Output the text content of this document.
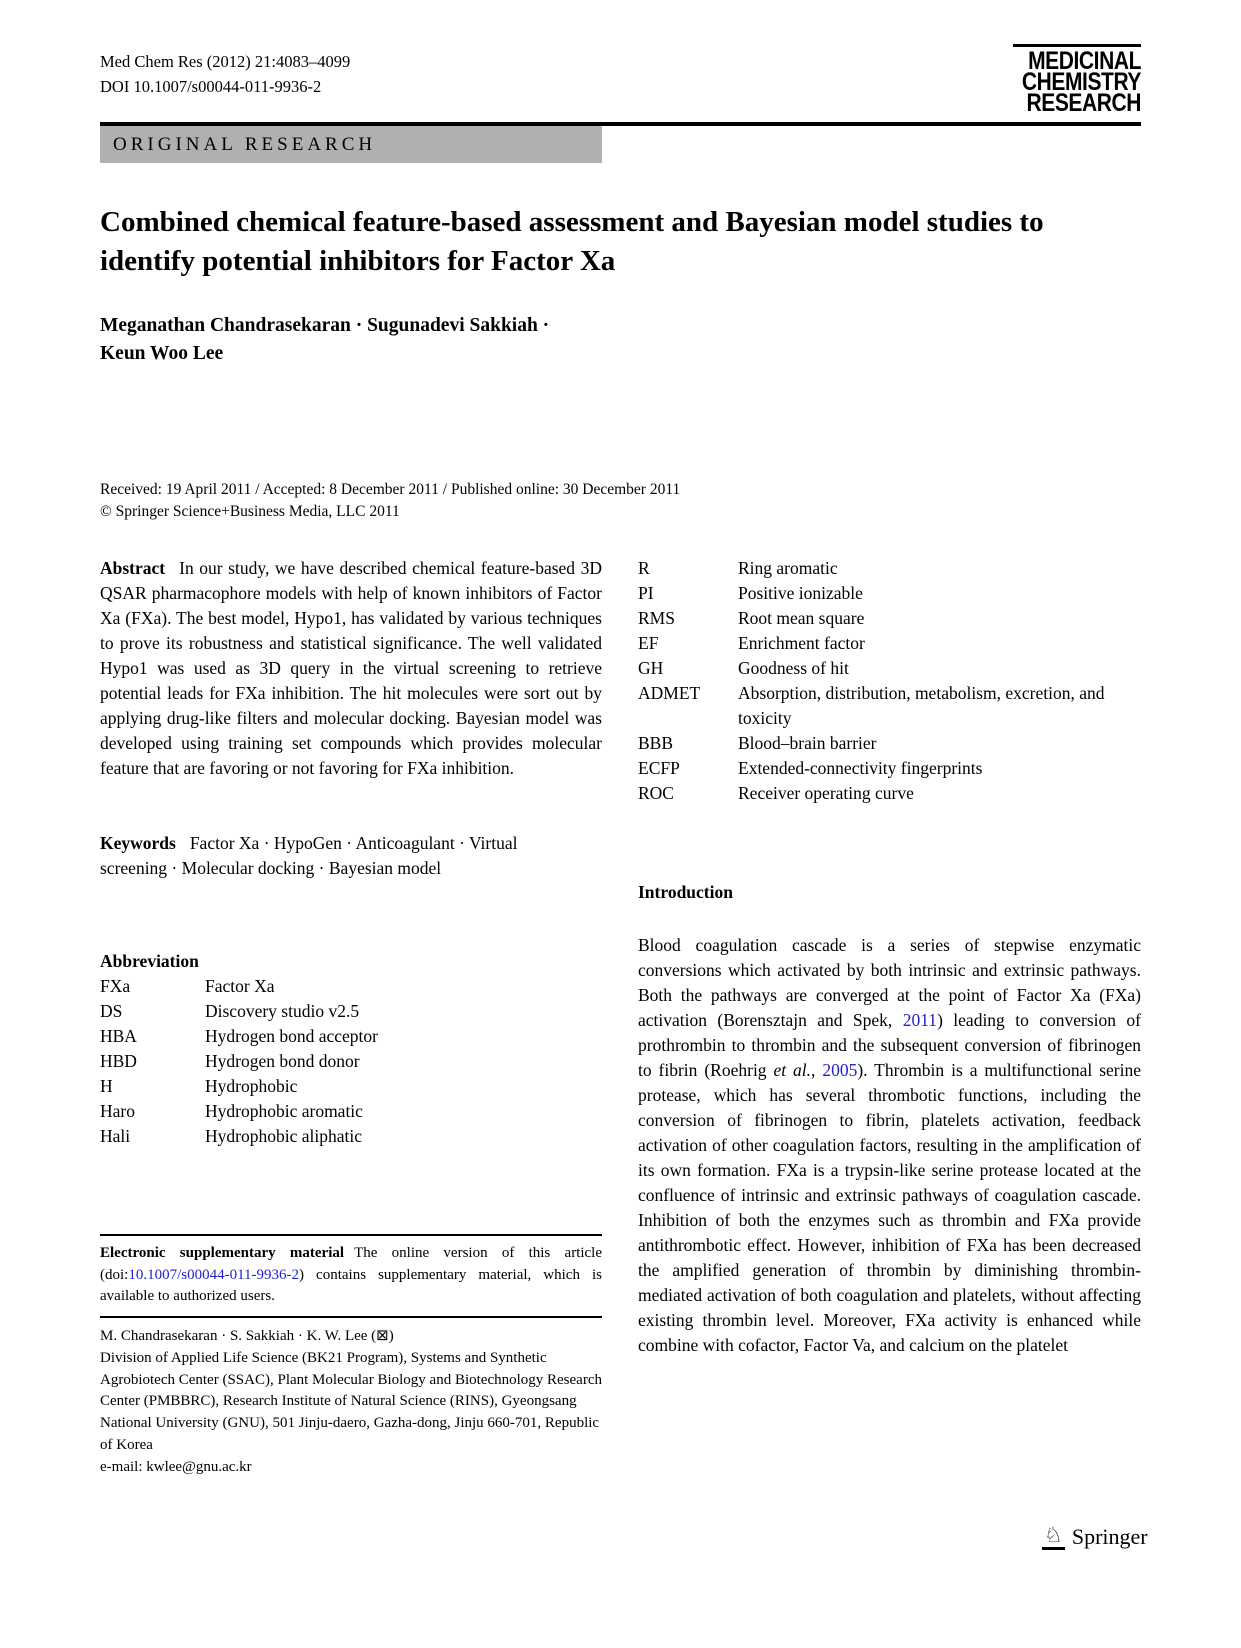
Med Chem Res (2012) 21:4083–4099
DOI 10.1007/s00044-011-9936-2
MEDICINAL
CHEMISTRY
RESEARCH
ORIGINAL RESEARCH
Combined chemical feature-based assessment and Bayesian model studies to identify potential inhibitors for Factor Xa
Meganathan Chandrasekaran · Sugunadevi Sakkiah ·
Keun Woo Lee
Received: 19 April 2011 / Accepted: 8 December 2011 / Published online: 30 December 2011
© Springer Science+Business Media, LLC 2011

Abstract In our study, we have described chemical feature-based 3D QSAR pharmacophore models with help of known inhibitors of Factor Xa (FXa). The best model, Hypo1, has validated by various techniques to prove its robustness and statistical significance. The well validated Hypo1 was used as 3D query in the virtual screening to retrieve potential leads for FXa inhibition. The hit molecules were sort out by applying drug-like filters and molecular docking. Bayesian model was developed using training set compounds which provides molecular feature that are favoring or not favoring for FXa inhibition.

Keywords Factor Xa · HypoGen · Anticoagulant · Virtual screening · Molecular docking · Bayesian model

Abbreviation
FXa	Factor Xa
DS	Discovery studio v2.5
HBA	Hydrogen bond acceptor
HBD	Hydrogen bond donor
H	Hydrophobic
Haro	Hydrophobic aromatic
Hali	Hydrophobic aliphatic
R	Ring aromatic
PI	Positive ionizable
RMS	Root mean square
EF	Enrichment factor
GH	Goodness of hit
ADMET	Absorption, distribution, metabolism, excretion, and toxicity
BBB	Blood–brain barrier
ECFP	Extended-connectivity fingerprints
ROC	Receiver operating curve
Introduction

Blood coagulation cascade is a series of stepwise enzymatic conversions which activated by both intrinsic and extrinsic pathways. Both the pathways are converged at the point of Factor Xa (FXa) activation (Borensztajn and Spek, 2011) leading to conversion of prothrombin to thrombin and the subsequent conversion of fibrinogen to fibrin (Roehrig et al., 2005). Thrombin is a multifunctional serine protease, which has several thrombotic functions, including the conversion of fibrinogen to fibrin, platelets activation, feedback activation of other coagulation factors, resulting in the amplification of its own formation. FXa is a trypsin-like serine protease located at the confluence of intrinsic and extrinsic pathways of coagulation cascade. Inhibition of both the enzymes such as thrombin and FXa provide antithrombotic effect. However, inhibition of FXa has been decreased the amplified generation of thrombin by diminishing thrombin-mediated activation of both coagulation and platelets, without affecting existing thrombin level. Moreover, FXa activity is enhanced while combine with cofactor, Factor Va, and calcium on the platelet

Electronic supplementary material The online version of this article (doi:10.1007/s00044-011-9936-2) contains supplementary material, which is available to authorized users.

M. Chandrasekaran · S. Sakkiah · K. W. Lee (⊠)
Division of Applied Life Science (BK21 Program), Systems and Synthetic Agrobiotech Center (SSAC), Plant Molecular Biology and Biotechnology Research Center (PMBBRC), Research Institute of Natural Science (RINS), Gyeongsang National University (GNU), 501 Jinju-daero, Gazha-dong, Jinju 660-701, Republic of Korea
e-mail: kwlee@gnu.ac.kr
♘ Springer
